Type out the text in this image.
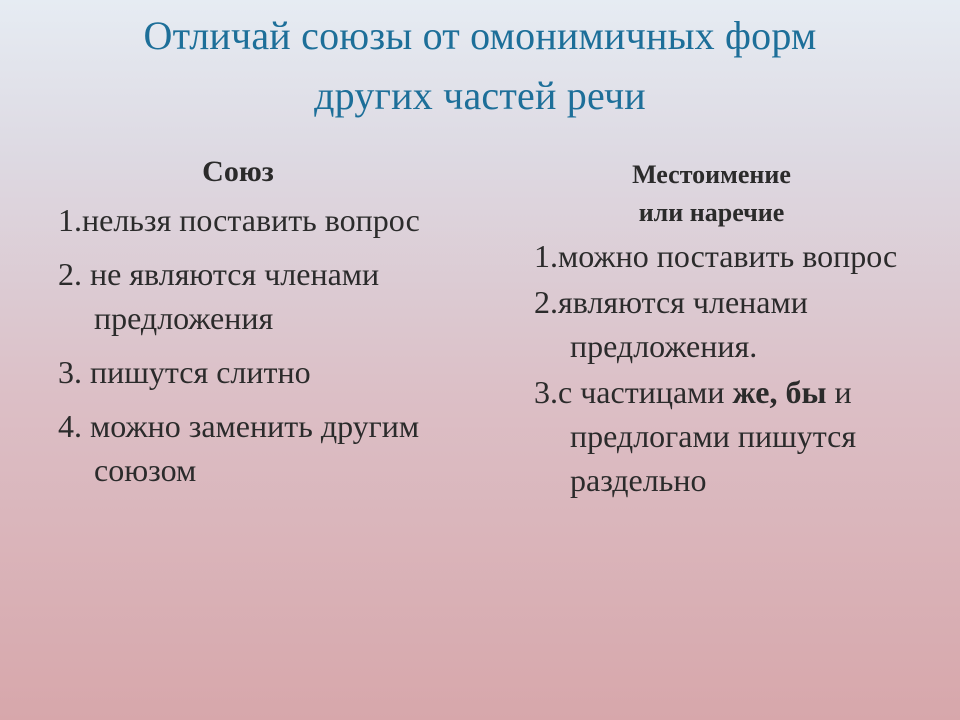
Отличай союзы от омонимичных форм
других частей речи
Союз
1.нельзя поставить вопрос
2. не являются членами предложения
3. пишутся слитно
4. можно заменить другим союзом
Местоимение
или наречие
1.можно поставить вопрос
2.являются членами предложения.
3.с частицами же, бы и предлогами пишутся раздельно
